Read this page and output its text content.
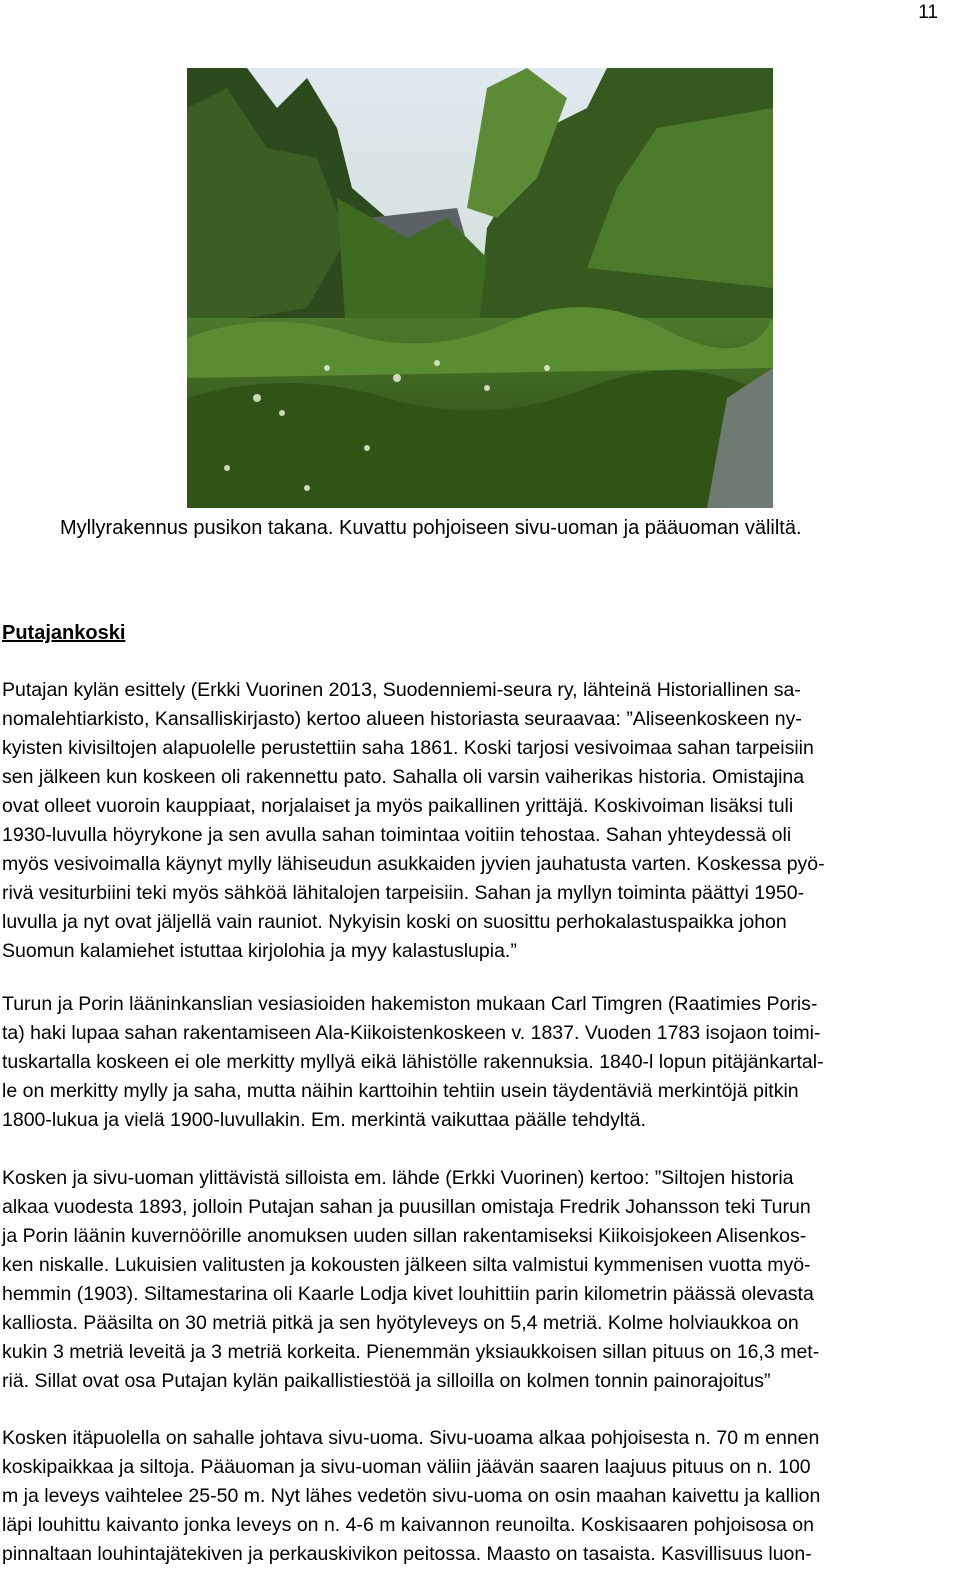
11
Myllyrakennus pusikon takana. Kuvattu pohjoiseen sivu-uoman ja pääuoman väliltä.
Putajankoski

Putajan kylän esittely (Erkki Vuorinen 2013, Suodenniemi-seura ry, lähteinä Historiallinen sa-
nomalehtiarkisto, Kansalliskirjasto) kertoo alueen historiasta seuraavaa: ”Aliseenkoskeen ny-
kyisten kivisiltojen alapuolelle perustettiin saha 1861. Koski tarjosi vesivoimaa sahan tarpeisiin
sen jälkeen kun koskeen oli rakennettu pato. Sahalla oli varsin vaiherikas historia. Omistajina
ovat olleet vuoroin kauppiaat, norjalaiset ja myös paikallinen yrittäjä. Koskivoiman lisäksi tuli
1930-luvulla höyrykone ja sen avulla sahan toimintaa voitiin tehostaa. Sahan yhteydessä oli
myös vesivoimalla käynyt mylly lähiseudun asukkaiden jyvien jauhatusta varten. Koskessa pyö-
rivä vesiturbiini teki myös sähköä lähitalojen tarpeisiin. Sahan ja myllyn toiminta päättyi 1950-
luvulla ja nyt ovat jäljellä vain rauniot. Nykyisin koski on suosittu perhokalastuspaikka johon
Suomun kalamiehet istuttaa kirjolohia ja myy kalastuslupia.”

Turun ja Porin lääninkanslian vesiasioiden hakemiston mukaan Carl Timgren (Raatimies Poris-
ta) haki lupaa sahan rakentamiseen Ala-Kiikoistenkoskeen v. 1837. Vuoden 1783 isojaon toimi-
tuskartalla koskeen ei ole merkitty myllyä eikä lähistölle rakennuksia. 1840-l lopun pitäjänkartal-
le on merkitty mylly ja saha, mutta näihin karttoihin tehtiin usein täydentäviä merkintöjä pitkin
1800-lukua ja vielä 1900-luvullakin. Em. merkintä vaikuttaa päälle tehdyltä.

Kosken ja sivu-uoman ylittävistä silloista em. lähde (Erkki Vuorinen) kertoo: ”Siltojen historia
alkaa vuodesta 1893, jolloin Putajan sahan ja puusillan omistaja Fredrik Johansson teki Turun
ja Porin läänin kuvernöörille anomuksen uuden sillan rakentamiseksi Kiikoisjokeen Alisenkos-
ken niskalle. Lukuisien valitusten ja kokousten jälkeen silta valmistui kymmenisen vuotta myö-
hemmin (1903). Siltamestarina oli Kaarle Lodja kivet louhittiin parin kilometrin päässä olevasta
kalliosta. Pääsilta on 30 metriä pitkä ja sen hyötyleveys on 5,4 metriä. Kolme holviaukkoa on
kukin 3 metriä leveitä ja 3 metriä korkeita. Pienemmän yksiaukkoisen sillan pituus on 16,3 met-
riä. Sillat ovat osa Putajan kylän paikallistiestöä ja silloilla on kolmen tonnin painorajoitus”

Kosken itäpuolella on sahalle johtava sivu-uoma. Sivu-uoama alkaa pohjoisesta n. 70 m ennen
koskipaikkaa ja siltoja. Pääuoman ja sivu-uoman väliin jäävän saaren laajuus pituus on n. 100
m ja leveys vaihtelee 25-50 m. Nyt lähes vedetön sivu-uoma on osin maahan kaivettu ja kallion
läpi louhittu kaivanto jonka leveys on n. 4-6 m kaivannon reunoilta. Koskisaaren pohjoisosa on
pinnaltaan louhintajätekiven ja perkauskivikon peitossa. Maasto on tasaista. Kasvillisuus luon-
